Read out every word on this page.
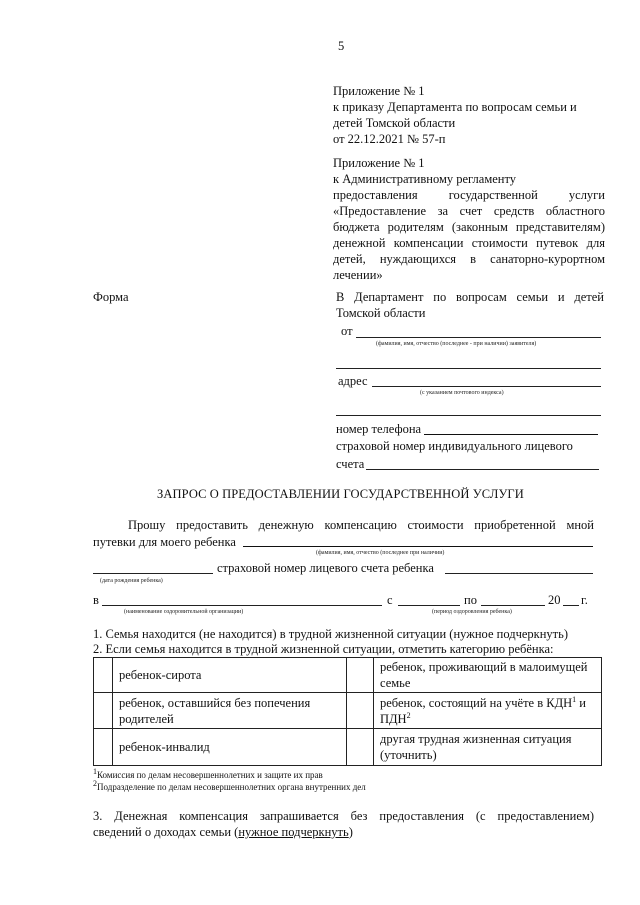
5
Приложение № 1
к приказу Департамента по вопросам семьи и
детей Томской области
от 22.12.2021 № 57-п
Приложение № 1
к Административному регламенту
предоставления государственной услуги
«Предоставление за счет средств областного
бюджета родителям (законным представителям)
денежной компенсации стоимости путевок для
детей, нуждающихся в санаторно-курортном
лечении»
Форма	В Департамент по вопросам семьи и детей
Томской области
от
(фамилия, имя, отчество (последнее - при наличии) заявителя)
адрес
(с указанием почтового индекса)
номер телефона
страховой номер индивидуального лицевого
счета
ЗАПРОС О ПРЕДОСТАВЛЕНИИ ГОСУДАРСТВЕННОЙ УСЛУГИ
Прошу предоставить денежную компенсацию стоимости приобретенной мной
путевки для моего ребенка
(фамилия, имя, отчество (последнее при наличии)
страховой номер лицевого счета ребенка
(дата рождения ребенка)
в	с	по	20 г.
(наименование оздоровительной организации)	(период оздоровления ребенка)
1. Семья находится (не находится) в трудной жизненной ситуации (нужное подчеркнуть)
2. Если семья находится в трудной жизненной ситуации, отметить категорию ребёнка:
	ребенок-сирота		ребенок, проживающий в малоимущей
семье
	ребенок, оставшийся без попечения
родителей		ребенок, состоящий на учёте в КДН$^1$ и
ПДН$^2$
	ребенок-инвалид		другая трудная жизненная ситуация
(уточнить)
$^1$Комиссия по делам несовершеннолетних и защите их прав
$^2$Подразделение по делам несовершеннолетних органа внутренних дел
3. Денежная компенсация запрашивается без предоставления (с предоставлением)
сведений о доходах семьи (нужное подчеркнуть)
